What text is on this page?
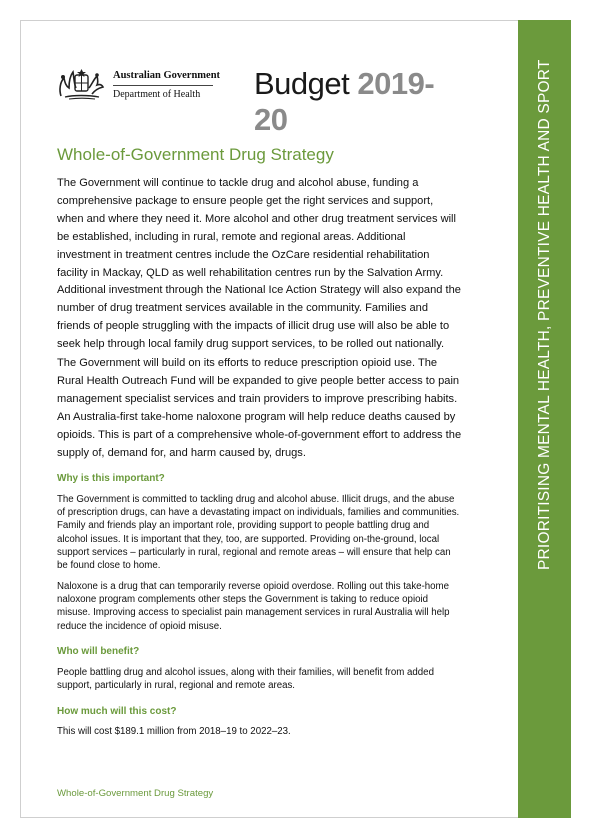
PRIORITISING MENTAL HEALTH, PREVENTIVE HEALTH AND SPORT
Australian Government
Department of Health Budget 2019-20
Whole-of-Government Drug Strategy

The Government will continue to tackle drug and alcohol abuse, funding a comprehensive package to ensure people get the right services and support, when and where they need it. More alcohol and other drug treatment services will be established, including in rural, remote and regional areas. Additional investment in treatment centres include the OzCare residential rehabilitation facility in Mackay, QLD as well rehabilitation centres run by the Salvation Army. Additional investment through the National Ice Action Strategy will also expand the number of drug treatment services available in the community. Families and friends of people struggling with the impacts of illicit drug use will also be able to seek help through local family drug support services, to be rolled out nationally.

The Government will build on its efforts to reduce prescription opioid use. The Rural Health Outreach Fund will be expanded to give people better access to pain management specialist services and train providers to improve prescribing habits. An Australia-first take-home naloxone program will help reduce deaths caused by opioids. This is part of a comprehensive whole-of-government effort to address the supply of, demand for, and harm caused by, drugs.

Why is this important?

The Government is committed to tackling drug and alcohol abuse. Illicit drugs, and the abuse of prescription drugs, can have a devastating impact on individuals, families and communities. Family and friends play an important role, providing support to people battling drug and alcohol issues. It is important that they, too, are supported. Providing on-the-ground, local support services – particularly in rural, regional and remote areas – will ensure that help can be found close to home.

Naloxone is a drug that can temporarily reverse opioid overdose. Rolling out this take-home naloxone program complements other steps the Government is taking to reduce opioid misuse. Improving access to specialist pain management services in rural Australia will help reduce the incidence of opioid misuse.

Who will benefit?

People battling drug and alcohol issues, along with their families, will benefit from added support, particularly in rural, regional and remote areas.

How much will this cost?

This will cost $189.1 million from 2018–19 to 2022–23.

Whole-of-Government Drug Strategy
